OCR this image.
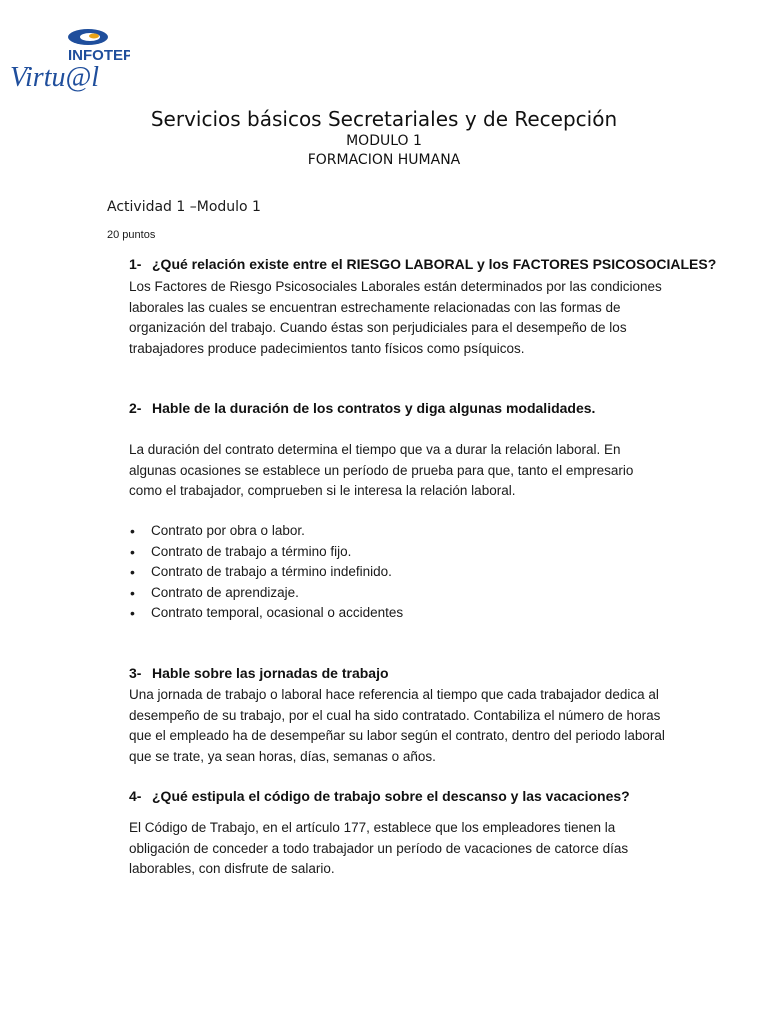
INFOTEP
Virtu@l
Servicios básicos Secretariales y de Recepción
MODULO 1
FORMACION HUMANA
Actividad 1 –Modulo 1
20 puntos
1- ¿Qué relación existe entre el RIESGO LABORAL y los FACTORES PSICOSOCIALES?
Los Factores de Riesgo Psicosociales Laborales están determinados por las condiciones laborales las cuales se encuentran estrechamente relacionadas con las formas de organización del trabajo. Cuando éstas son perjudiciales para el desempeño de los trabajadores produce padecimientos tanto físicos como psíquicos.
2- Hable de la duración de los contratos y diga algunas modalidades.
La duración del contrato determina el tiempo que va a durar la relación laboral. En algunas ocasiones se establece un período de prueba para que, tanto el empresario como el trabajador, comprueben si le interesa la relación laboral.
• Contrato por obra o labor.
• Contrato de trabajo a término fijo.
• Contrato de trabajo a término indefinido.
• Contrato de aprendizaje.
• Contrato temporal, ocasional o accidentes
3- Hable sobre las jornadas de trabajo
Una jornada de trabajo o laboral hace referencia al tiempo que cada trabajador dedica al desempeño de su trabajo, por el cual ha sido contratado. Contabiliza el número de horas que el empleado ha de desempeñar su labor según el contrato, dentro del periodo laboral que se trate, ya sean horas, días, semanas o años.
4- ¿Qué estipula el código de trabajo sobre el descanso y las vacaciones?
El Código de Trabajo, en el artículo 177, establece que los empleadores tienen la obligación de conceder a todo trabajador un período de vacaciones de catorce días laborables, con disfrute de salario.
